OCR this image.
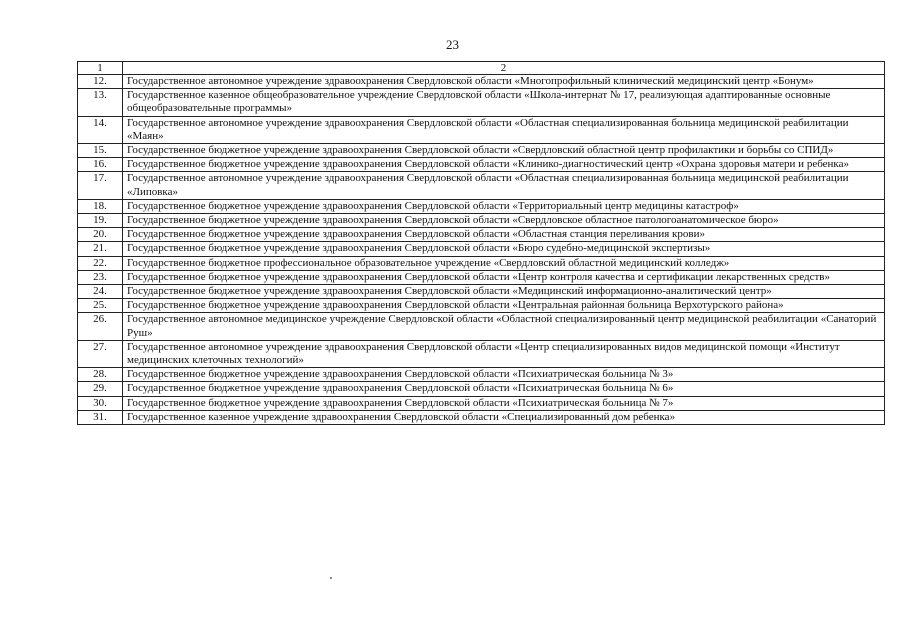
23
1	2
12.	Государственное автономное учреждение здравоохранения Свердловской области «Многопрофильный клинический медицинский центр «Бонум»
13.	Государственное казенное общеобразовательное учреждение Свердловской области «Школа-интернат № 17, реализующая адаптированные основные общеобразовательные программы»
14.	Государственное автономное учреждение здравоохранения Свердловской области «Областная специализированная больница медицинской реабилитации «Маян»
15.	Государственное бюджетное учреждение здравоохранения Свердловской области «Свердловский областной центр профилактики и борьбы со СПИД»
16.	Государственное бюджетное учреждение здравоохранения Свердловской области «Клинико-диагностический центр «Охрана здоровья матери и ребенка»
17.	Государственное автономное учреждение здравоохранения Свердловской области «Областная специализированная больница медицинской реабилитации «Липовка»
18.	Государственное бюджетное учреждение здравоохранения Свердловской области «Территориальный центр медицины катастроф»
19.	Государственное бюджетное учреждение здравоохранения Свердловской области «Свердловское областное патологоанатомическое бюро»
20.	Государственное бюджетное учреждение здравоохранения Свердловской области «Областная станция переливания крови»
21.	Государственное бюджетное учреждение здравоохранения Свердловской области «Бюро судебно-медицинской экспертизы»
22.	Государственное бюджетное профессиональное образовательное учреждение «Свердловский областной медицинский колледж»
23.	Государственное бюджетное учреждение здравоохранения Свердловской области «Центр контроля качества и сертификации лекарственных средств»
24.	Государственное бюджетное учреждение здравоохранения Свердловской области «Медицинский информационно-аналитический центр»
25.	Государственное бюджетное учреждение здравоохранения Свердловской области «Центральная районная больница Верхотурского района»
26.	Государственное автономное медицинское учреждение Свердловской области «Областной специализированный центр медицинской реабилитации «Санаторий Руш»
27.	Государственное автономное учреждение здравоохранения Свердловской области «Центр специализированных видов медицинской помощи «Институт медицинских клеточных технологий»
28.	Государственное бюджетное учреждение здравоохранения Свердловской области «Психиатрическая больница № 3»
29.	Государственное бюджетное учреждение здравоохранения Свердловской области «Психиатрическая больница № 6»
30.	Государственное бюджетное учреждение здравоохранения Свердловской области «Психиатрическая больница № 7»
31.	Государственное казенное учреждение здравоохранения Свердловской области «Специализированный дом ребенка»
